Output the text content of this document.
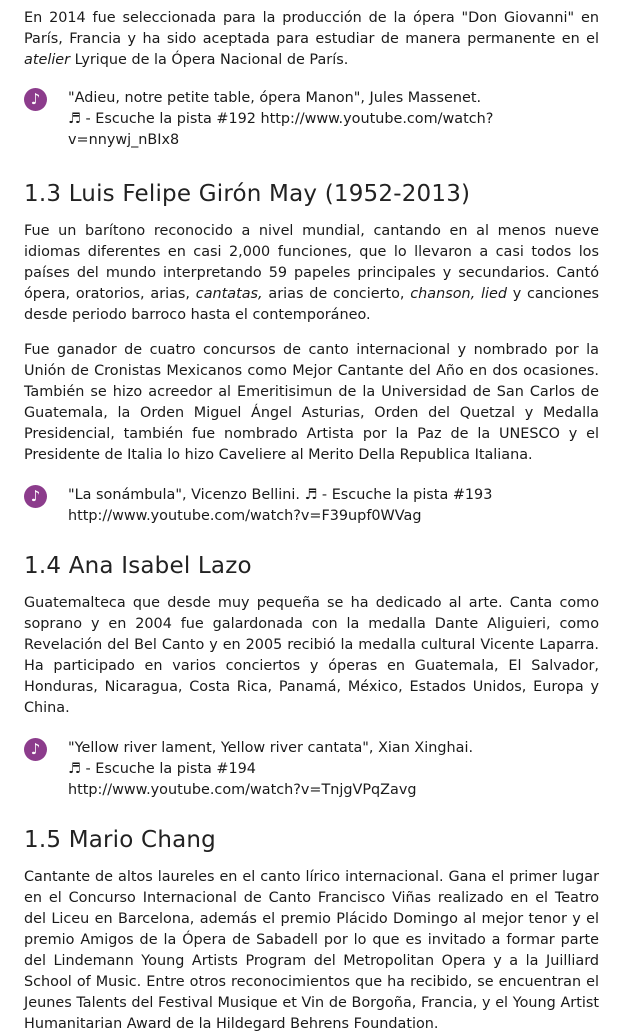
En 2014 fue seleccionada para la producción de la ópera "Don Giovanni" en París, Francia y ha sido aceptada para estudiar de manera permanente en el atelier Lyrique de la Ópera Nacional de París.

♪	"Adieu, notre petite table, ópera Manon", Jules Massenet.
♬ - Escuche la pista #192 http://www.youtube.com/watch?v=nnywj_nBIx8
1.3 Luis Felipe Girón May (1952-2013)

Fue un barítono reconocido a nivel mundial, cantando en al menos nueve idiomas diferentes en casi 2,000 funciones, que lo llevaron a casi todos los países del mundo interpretando 59 papeles principales y secundarios. Cantó ópera, oratorios, arias, cantatas, arias de concierto, chanson, lied y canciones desde periodo barroco hasta el contemporáneo.

Fue ganador de cuatro concursos de canto internacional y nombrado por la Unión de Cronistas Mexicanos como Mejor Cantante del Año en dos ocasiones. También se hizo acreedor al Emeritisimun de la Universidad de San Carlos de Guatemala, la Orden Miguel Ángel Asturias, Orden del Quetzal y Medalla Presidencial, también fue nombrado Artista por la Paz de la UNESCO y el Presidente de Italia lo hizo Caveliere al Merito Della Republica Italiana.

♪	"La sonámbula", Vicenzo Bellini. ♬ - Escuche la pista #193
http://www.youtube.com/watch?v=F39upf0WVag
1.4 Ana Isabel Lazo

Guatemalteca que desde muy pequeña se ha dedicado al arte. Canta como soprano y en 2004 fue galardonada con la medalla Dante Aliguieri, como Revelación del Bel Canto y en 2005 recibió la medalla cultural Vicente Laparra. Ha participado en varios conciertos y óperas en Guatemala, El Salvador, Honduras, Nicaragua, Costa Rica, Panamá, México, Estados Unidos, Europa y China.

♪	"Yellow river lament, Yellow river cantata", Xian Xinghai.
♬ - Escuche la pista #194
http://www.youtube.com/watch?v=TnjgVPqZavg
1.5 Mario Chang

Cantante de altos laureles en el canto lírico internacional. Gana el primer lugar en el Concurso Internacional de Canto Francisco Viñas realizado en el Teatro del Liceu en Barcelona, además el premio Plácido Domingo al mejor tenor y el premio Amigos de la Ópera de Sabadell por lo que es invitado a formar parte del Lindemann Young Artists Program del Metropolitan Opera y a la Juilliard School of Music. Entre otros reconocimientos que ha recibido, se encuentran el Jeunes Talents del Festival Musique et Vin de Borgoña, Francia, y el Young Artist Humanitarian Award de la Hildegard Behrens Foundation.
